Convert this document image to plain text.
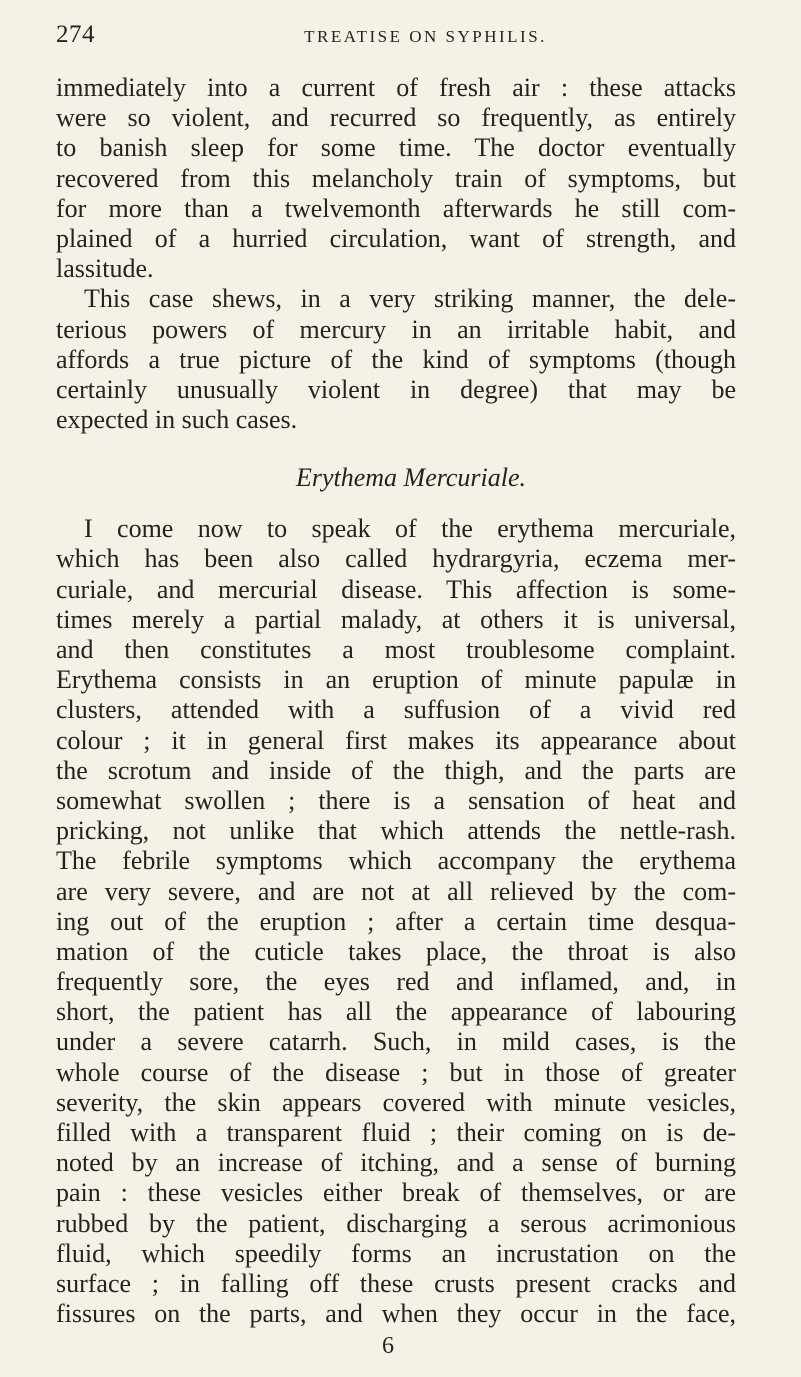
274	TREATISE ON SYPHILIS.
immediately into a current of fresh air : these attacks
were so violent, and recurred so frequently, as entirely
to banish sleep for some time. The doctor eventually
recovered from this melancholy train of symptoms, but
for more than a twelvemonth afterwards he still com-
plained of a hurried circulation, want of strength, and
lassitude.
This case shews, in a very striking manner, the dele-
terious powers of mercury in an irritable habit, and
affords a true picture of the kind of symptoms (though
certainly unusually violent in degree) that may be
expected in such cases.
Erythema Mercuriale.
I come now to speak of the erythema mercuriale,
which has been also called hydrargyria, eczema mer-
curiale, and mercurial disease. This affection is some-
times merely a partial malady, at others it is universal,
and then constitutes a most troublesome complaint.
Erythema consists in an eruption of minute papulæ in
clusters, attended with a suffusion of a vivid red
colour ; it in general first makes its appearance about
the scrotum and inside of the thigh, and the parts are
somewhat swollen ; there is a sensation of heat and
pricking, not unlike that which attends the nettle-rash.
The febrile symptoms which accompany the erythema
are very severe, and are not at all relieved by the com-
ing out of the eruption ; after a certain time desqua-
mation of the cuticle takes place, the throat is also
frequently sore, the eyes red and inflamed, and, in
short, the patient has all the appearance of labouring
under a severe catarrh. Such, in mild cases, is the
whole course of the disease ; but in those of greater
severity, the skin appears covered with minute vesicles,
filled with a transparent fluid ; their coming on is de-
noted by an increase of itching, and a sense of burning
pain : these vesicles either break of themselves, or are
rubbed by the patient, discharging a serous acrimonious
fluid, which speedily forms an incrustation on the
surface ; in falling off these crusts present cracks and
fissures on the parts, and when they occur in the face,
6
